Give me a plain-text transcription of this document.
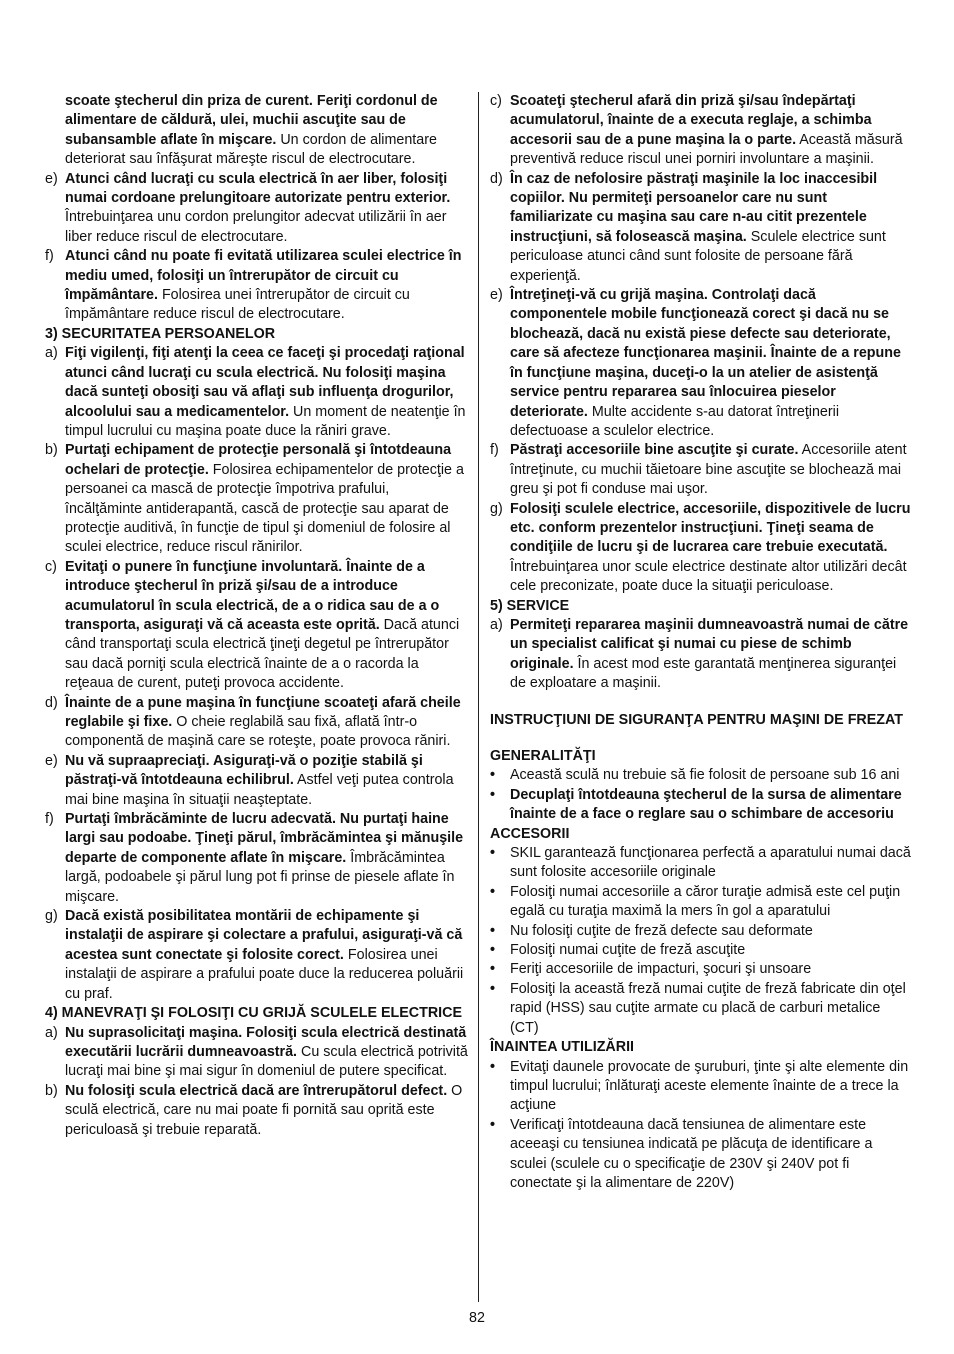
scoate ştecherul din priza de curent. Feriţi cordonul de alimentare de căldură, ulei, muchii ascuţite sau de subansamble aflate în mişcare. Un cordon de alimentare deteriorat sau înfăşurat măreşte riscul de electrocutare.
e) Atunci când lucraţi cu scula electrică în aer liber, folosiţi numai cordoane prelungitoare autorizate pentru exterior. Întrebuinţarea unu cordon prelungitor adecvat utilizării în aer liber reduce riscul de electrocutare.
f) Atunci când nu poate fi evitată utilizarea sculei electrice în mediu umed, folosiţi un întrerupător de circuit cu împământare. Folosirea unei întrerupător de circuit cu împământare reduce riscul de electrocutare.
3) SECURITATEA PERSOANELOR
a) Fiţi vigilenţi, fiţi atenţi la ceea ce faceţi şi procedaţi raţional atunci când lucraţi cu scula electrică. Nu folosiţi maşina dacă sunteţi obosiţi sau vă aflaţi sub influenţa drogurilor, alcoolului sau a medicamentelor. Un moment de neatenţie în timpul lucrului cu maşina poate duce la răniri grave.
b) Purtaţi echipament de protecţie personală şi întotdeauna ochelari de protecţie. Folosirea echipamentelor de protecţie a persoanei ca mască de protecţie împotriva prafului, încălţăminte antiderapantă, cască de protecţie sau aparat de protecţie auditivă, în funcţie de tipul şi domeniul de folosire al sculei electrice, reduce riscul rănirilor.
c) Evitaţi o punere în funcţiune involuntară. Înainte de a introduce ştecherul în priză şi/sau de a introduce acumulatorul în scula electrică, de a o ridica sau de a o transporta, asiguraţi vă că aceasta este oprită. Dacă atunci când transportaţi scula electrică ţineţi degetul pe întrerupător sau dacă porniţi scula electrică înainte de a o racorda la reţeaua de curent, puteţi provoca accidente.
d) Înainte de a pune maşina în funcţiune scoateţi afară cheile reglabile şi fixe. O cheie reglabilă sau fixă, aflată într-o componentă de maşină care se roteşte, poate provoca răniri.
e) Nu vă supraapreciaţi. Asiguraţi-vă o poziţie stabilă şi păstraţi-vă întotdeauna echilibrul. Astfel veţi putea controla mai bine maşina în situaţii neaşteptate.
f) Purtaţi îmbrăcăminte de lucru adecvată. Nu purtaţi haine largi sau podoabe. Ţineţi părul, îmbrăcămintea şi mănuşile departe de componente aflate în mişcare. Îmbrăcămintea largă, podoabele şi părul lung pot fi prinse de piesele aflate în mişcare.
g) Dacă există posibilitatea montării de echipamente şi instalaţii de aspirare şi colectare a prafului, asiguraţi-vă că acestea sunt conectate şi folosite corect. Folosirea unei instalaţii de aspirare a prafului poate duce la reducerea poluării cu praf.
4) MANEVRAŢI ŞI FOLOSIŢI CU GRIJĂ SCULELE ELECTRICE
a) Nu suprasolicitaţi maşina. Folosiţi scula electrică destinată executării lucrării dumneavoastră. Cu scula electrică potrivită lucraţi mai bine şi mai sigur în domeniul de putere specificat.
b) Nu folosiţi scula electrică dacă are întrerupătorul defect. O sculă electrică, care nu mai poate fi pornită sau oprită este periculoasă şi trebuie reparată.
c) Scoateţi ştecherul afară din priză şi/sau îndepărtaţi acumulatorul, înainte de a executa reglaje, a schimba accesorii sau de a pune maşina la o parte. Această măsură preventivă reduce riscul unei porniri involuntare a maşinii.
d) În caz de nefolosire păstraţi maşinile la loc inaccesibil copiilor. Nu permiteţi persoanelor care nu sunt familiarizate cu maşina sau care n-au citit prezentele instrucţiuni, să folosească maşina. Sculele electrice sunt periculoase atunci când sunt folosite de persoane fără experienţă.
e) Întreţineţi-vă cu grijă maşina. Controlaţi dacă componentele mobile funcţionează corect şi dacă nu se blochează, dacă nu există piese defecte sau deteriorate, care să afecteze funcţionarea maşinii. Înainte de a repune în funcţiune maşina, duceţi-o la un atelier de asistenţă service pentru repararea sau înlocuirea pieselor deteriorate. Multe accidente s-au datorat întreţinerii defectuoase a sculelor electrice.
f) Păstraţi accesoriile bine ascuţite şi curate. Accesoriile atent întreţinute, cu muchii tăietoare bine ascuţite se blochează mai greu şi pot fi conduse mai uşor.
g) Folosiţi sculele electrice, accesoriile, dispozitivele de lucru etc. conform prezentelor instrucţiuni. Ţineţi seama de condiţiile de lucru şi de lucrarea care trebuie executată. Întrebuinţarea unor scule electrice destinate altor utilizări decât cele preconizate, poate duce la situaţii periculoase.
5) SERVICE
a) Permiteţi repararea maşinii dumneavoastră numai de către un specialist calificat şi numai cu piese de schimb originale. În acest mod este garantată menţinerea siguranţei de exploatare a maşinii.
INSTRUCŢIUNI DE SIGURANŢA PENTRU MAŞINI DE FREZAT
GENERALITĂŢI
• Această sculă nu trebuie să fie folosit de persoane sub 16 ani
• Decuplaţi întotdeauna ştecherul de la sursa de alimentare înainte de a face o reglare sau o schimbare de accesoriu
ACCESORII
• SKIL garantează funcţionarea perfectă a aparatului numai dacă sunt folosite accesoriile originale
• Folosiţi numai accesoriile a căror turaţie admisă este cel puţin egală cu turaţia maximă la mers în gol a aparatului
• Nu folosiţi cuţite de freză defecte sau deformate
• Folosiţi numai cuţite de freză ascuţite
• Feriţi accesoriile de impacturi, şocuri şi unsoare
• Folosiţi la această freză numai cuţite de freză fabricate din oţel rapid (HSS) sau cuţite armate cu placă de carburi metalice (CT)
ÎNAINTEA UTILIZĂRII
• Evitaţi daunele provocate de şuruburi, ţinte şi alte elemente din timpul lucrului; înlăturaţi aceste elemente înainte de a trece la acţiune
• Verificaţi întotdeauna dacă tensiunea de alimentare este aceeaşi cu tensiunea indicată pe plăcuţa de identificare a sculei (sculele cu o specificaţie de 230V şi 240V pot fi conectate şi la alimentare de 220V)
82
